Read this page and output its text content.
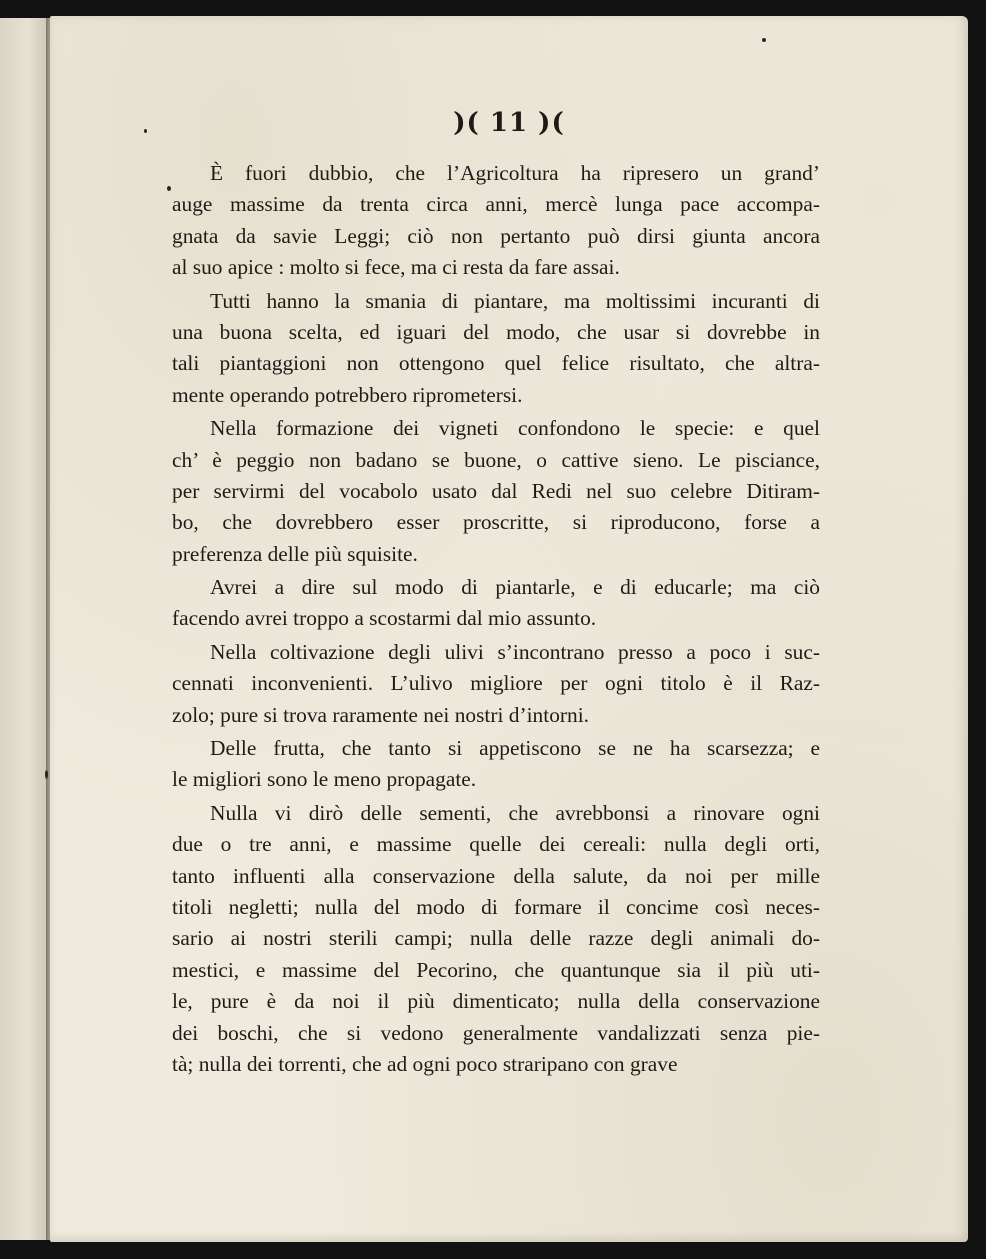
)( 11 )(
È fuori dubbio, che l’Agricoltura ha ripresero un grand’
auge massime da trenta circa anni, mercè lunga pace accompa-
gnata da savie Leggi; ciò non pertanto può dirsi giunta ancora
al suo apice : molto si fece, ma ci resta da fare assai.
Tutti hanno la smania di piantare, ma moltissimi incuranti di
una buona scelta, ed iguari del modo, che usar si dovrebbe in
tali piantaggioni non ottengono quel felice risultato, che altra-
mente operando potrebbero riprometersi.
Nella formazione dei vigneti confondono le specie: e quel
ch’ è peggio non badano se buone, o cattive sieno. Le pisciance,
per servirmi del vocabolo usato dal Redi nel suo celebre Ditiram-
bo, che dovrebbero esser proscritte, si riproducono, forse a
preferenza delle più squisite.
Avrei a dire sul modo di piantarle, e di educarle; ma ciò
facendo avrei troppo a scostarmi dal mio assunto.
Nella coltivazione degli ulivi s’incontrano presso a poco i suc-
cennati inconvenienti. L’ulivo migliore per ogni titolo è il Raz-
zolo; pure si trova raramente nei nostri d’intorni.
Delle frutta, che tanto si appetiscono se ne ha scarsezza; e
le migliori sono le meno propagate.
Nulla vi dirò delle sementi, che avrebbonsi a rinovare ogni
due o tre anni, e massime quelle dei cereali: nulla degli orti,
tanto influenti alla conservazione della salute, da noi per mille
titoli negletti; nulla del modo di formare il concime così neces-
sario ai nostri sterili campi; nulla delle razze degli animali do-
mestici, e massime del Pecorino, che quantunque sia il più uti-
le, pure è da noi il più dimenticato; nulla della conservazione
dei boschi, che si vedono generalmente vandalizzati senza pie-
tà; nulla dei torrenti, che ad ogni poco straripano con grave
